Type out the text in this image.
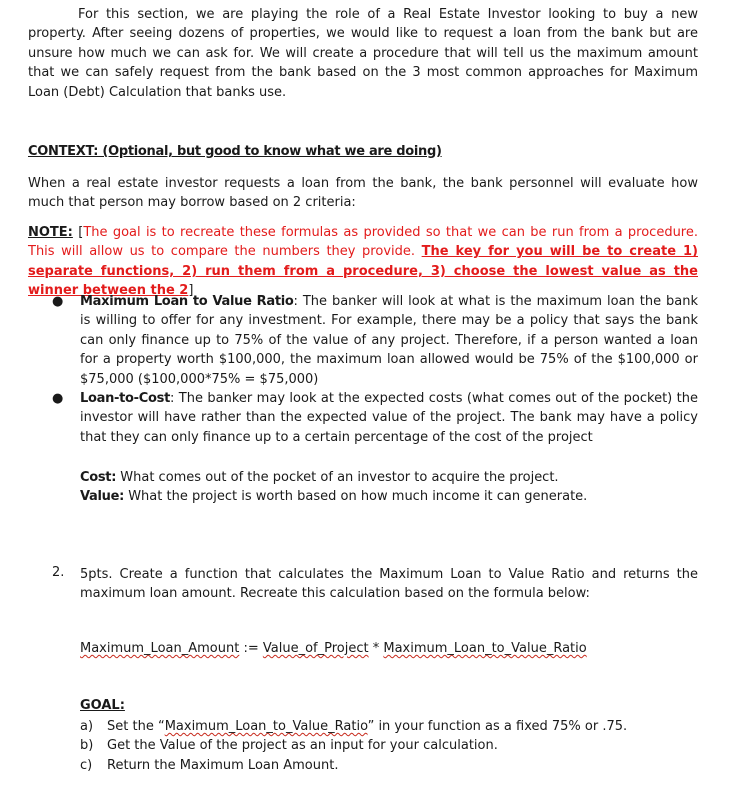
For this section, we are playing the role of a Real Estate Investor looking to buy a new property. After seeing dozens of properties, we would like to request a loan from the bank but are unsure how much we can ask for. We will create a procedure that will tell us the maximum amount that we can safely request from the bank based on the 3 most common approaches for Maximum Loan (Debt) Calculation that banks use.

CONTEXT: (Optional, but good to know what we are doing)

When a real estate investor requests a loan from the bank, the bank personnel will evaluate how much that person may borrow based on 2 criteria:

NOTE: [The goal is to recreate these formulas as provided so that we can be run from a procedure. This will allow us to compare the numbers they provide. The key for you will be to create 1) separate functions, 2) run them from a procedure, 3) choose the lowest value as the winner between the 2]

● Maximum Loan to Value Ratio: The banker will look at what is the maximum loan the bank is willing to offer for any investment. For example, there may be a policy that says the bank can only finance up to 75% of the value of any project. Therefore, if a person wanted a loan for a property worth $100,000, the maximum loan allowed would be 75% of the $100,000 or $75,000 ($100,000*75% = $75,000)
● Loan-to-Cost: The banker may look at the expected costs (what comes out of the pocket) the investor will have rather than the expected value of the project. The bank may have a policy that they can only finance up to a certain percentage of the cost of the project

Cost: What comes out of the pocket of an investor to acquire the project.

Value: What the project is worth based on how much income it can generate.

2.	5pts. Create a function that calculates the Maximum Loan to Value Ratio and returns the maximum loan amount. Recreate this calculation based on the formula below:

Maximum_Loan_Amount := Value_of_Project * Maximum_Loan_to_Value_Ratio
GOAL:
a) Set the “Maximum_Loan_to_Value_Ratio” in your function as a fixed 75% or .75.
b) Get the Value of the project as an input for your calculation.
c) Return the Maximum Loan Amount.
